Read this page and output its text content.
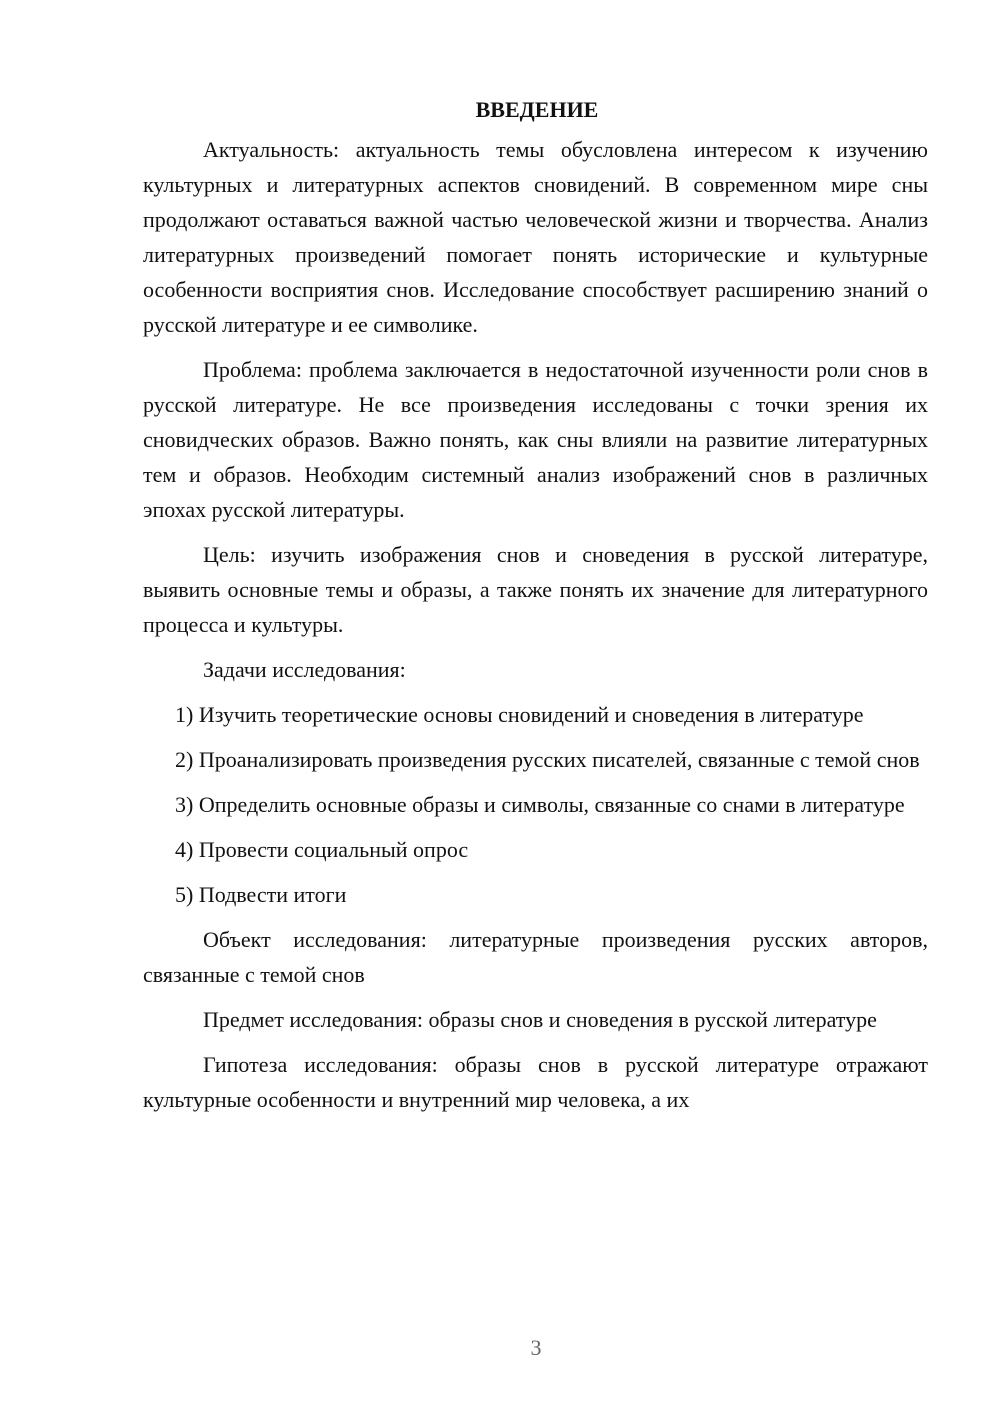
ВВЕДЕНИЕ

Актуальность: актуальность темы обусловлена интересом к изучению культурных и литературных аспектов сновидений. В современном мире сны продолжают оставаться важной частью человеческой жизни и творчества. Анализ литературных произведений помогает понять исторические и культурные особенности восприятия снов. Исследование способствует расширению знаний о русской литературе и ее символике.

Проблема: проблема заключается в недостаточной изученности роли снов в русской литературе. Не все произведения исследованы с точки зрения их сновидческих образов. Важно понять, как сны влияли на развитие литературных тем и образов. Необходим системный анализ изображений снов в различных эпохах русской литературы.

Цель: изучить изображения снов и сноведения в русской литературе, выявить основные темы и образы, а также понять их значение для литературного процесса и культуры.

Задачи исследования:

1) Изучить теоретические основы сновидений и сноведения в литературе

2) Проанализировать произведения русских писателей, связанные с темой снов

3) Определить основные образы и символы, связанные со снами в литературе

4) Провести социальный опрос

5) Подвести итоги

Объект исследования: литературные произведения русских авторов, связанные с темой снов

Предмет исследования: образы снов и сноведения в русской литературе

Гипотеза исследования: образы снов в русской литературе отражают культурные особенности и внутренний мир человека, а их

3
